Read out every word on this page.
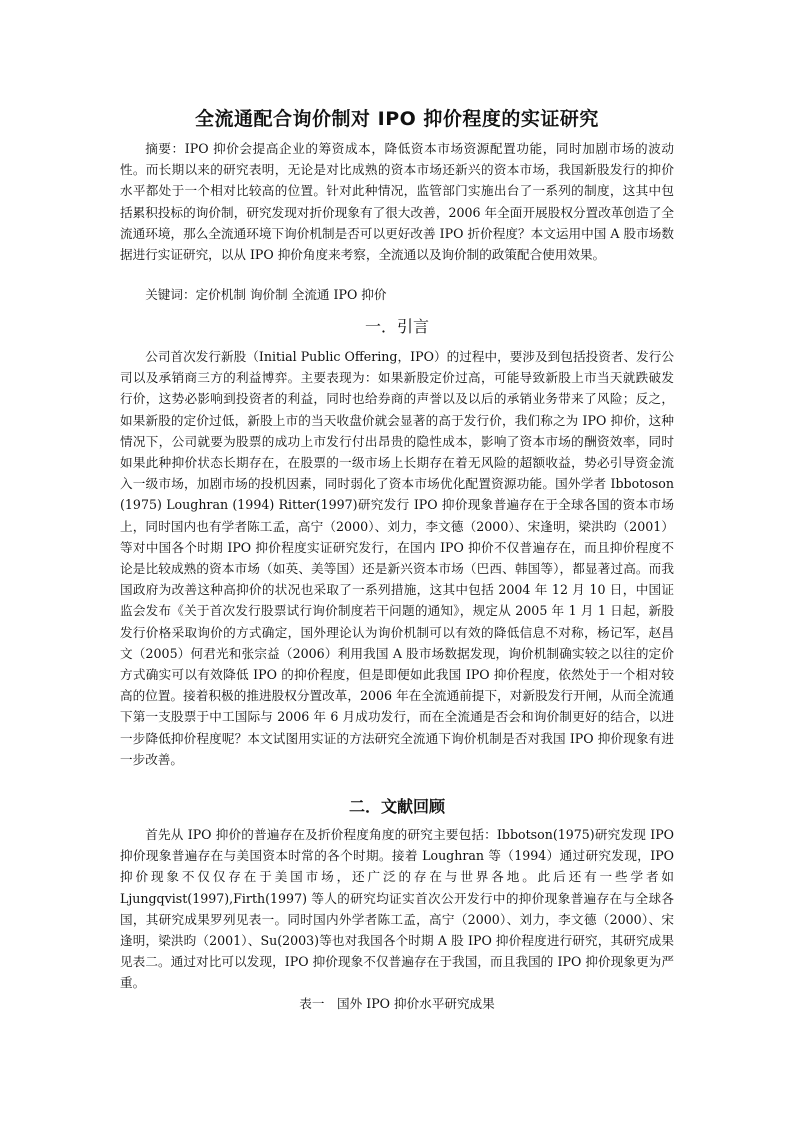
全流通配合询价制对 IPO 抑价程度的实证研究
摘要：IPO 抑价会提高企业的筹资成本，降低资本市场资源配置功能，同时加剧市场的波动性。而长期以来的研究表明，无论是对比成熟的资本市场还新兴的资本市场，我国新股发行的抑价水平都处于一个相对比较高的位置。针对此种情况，监管部门实施出台了一系列的制度，这其中包括累积投标的询价制，研究发现对折价现象有了很大改善，2006 年全面开展股权分置改革创造了全流通环境，那么全流通环境下询价机制是否可以更好改善 IPO 折价程度？本文运用中国 A 股市场数据进行实证研究，以从 IPO 抑价角度来考察，全流通以及询价制的政策配合使用效果。
关键词：定价机制 询价制 全流通 IPO 抑价
一．引言
公司首次发行新股（Initial Public Offering，IPO）的过程中，要涉及到包括投资者、发行公司以及承销商三方的利益博弈。主要表现为：如果新股定价过高，可能导致新股上市当天就跌破发行价，这势必影响到投资者的利益，同时也给券商的声誉以及以后的承销业务带来了风险；反之，如果新股的定价过低，新股上市的当天收盘价就会显著的高于发行价，我们称之为 IPO 抑价，这种情况下，公司就要为股票的成功上市发行付出昂贵的隐性成本，影响了资本市场的酬资效率，同时如果此种抑价状态长期存在，在股票的一级市场上长期存在着无风险的超额收益，势必引导资金流入一级市场，加剧市场的投机因素，同时弱化了资本市场优化配置资源功能。国外学者 Ibbotoson (1975) Loughran (1994) Ritter(1997)研究发行 IPO 抑价现象普遍存在于全球各国的资本市场上，同时国内也有学者陈工孟，高宁（2000）、刘力，李文德（2000）、宋逢明，梁洪昀（2001）等对中国各个时期 IPO 抑价程度实证研究发行，在国内 IPO 抑价不仅普遍存在，而且抑价程度不论是比较成熟的资本市场（如英、美等国）还是新兴资本市场（巴西、韩国等），都显著过高。而我国政府为改善这种高抑价的状况也采取了一系列措施，这其中包括 2004 年 12 月 10 日，中国证监会发布《关于首次发行股票试行询价制度若干问题的通知》，规定从 2005 年 1 月 1 日起，新股发行价格采取询价的方式确定，国外理论认为询价机制可以有效的降低信息不对称，杨记军，赵昌文（2005）何君光和张宗益（2006）利用我国 A 股市场数据发现，询价机制确实较之以往的定价方式确实可以有效降低 IPO 的抑价程度，但是即便如此我国 IPO 抑价程度，依然处于一个相对较高的位置。接着积极的推进股权分置改革，2006 年在全流通前提下，对新股发行开闸，从而全流通下第一支股票于中工国际与 2006 年 6 月成功发行，而在全流通是否会和询价制更好的结合，以进一步降低抑价程度呢？本文试图用实证的方法研究全流通下询价机制是否对我国 IPO 抑价现象有进一步改善。
二．文献回顾
首先从 IPO 抑价的普遍存在及折价程度角度的研究主要包括：Ibbotson(1975)研究发现 IPO 抑价现象普遍存在与美国资本时常的各个时期。接着 Loughran 等（1994）通过研究发现，IPO 抑价现象不仅仅存在于美国市场，还广泛的存在与世界各地。此后还有一些学者如 Ljungqvist(1997),Firth(1997) 等人的研究均证实首次公开发行中的抑价现象普遍存在与全球各国，其研究成果罗列见表一。同时国内外学者陈工孟，高宁（2000）、刘力，李文德（2000）、宋逢明，梁洪昀（2001）、Su(2003)等也对我国各个时期 A 股 IPO 抑价程度进行研究，其研究成果见表二。通过对比可以发现，IPO 抑价现象不仅普遍存在于我国，而且我国的 IPO 抑价现象更为严重。
表一　国外 IPO 抑价水平研究成果
